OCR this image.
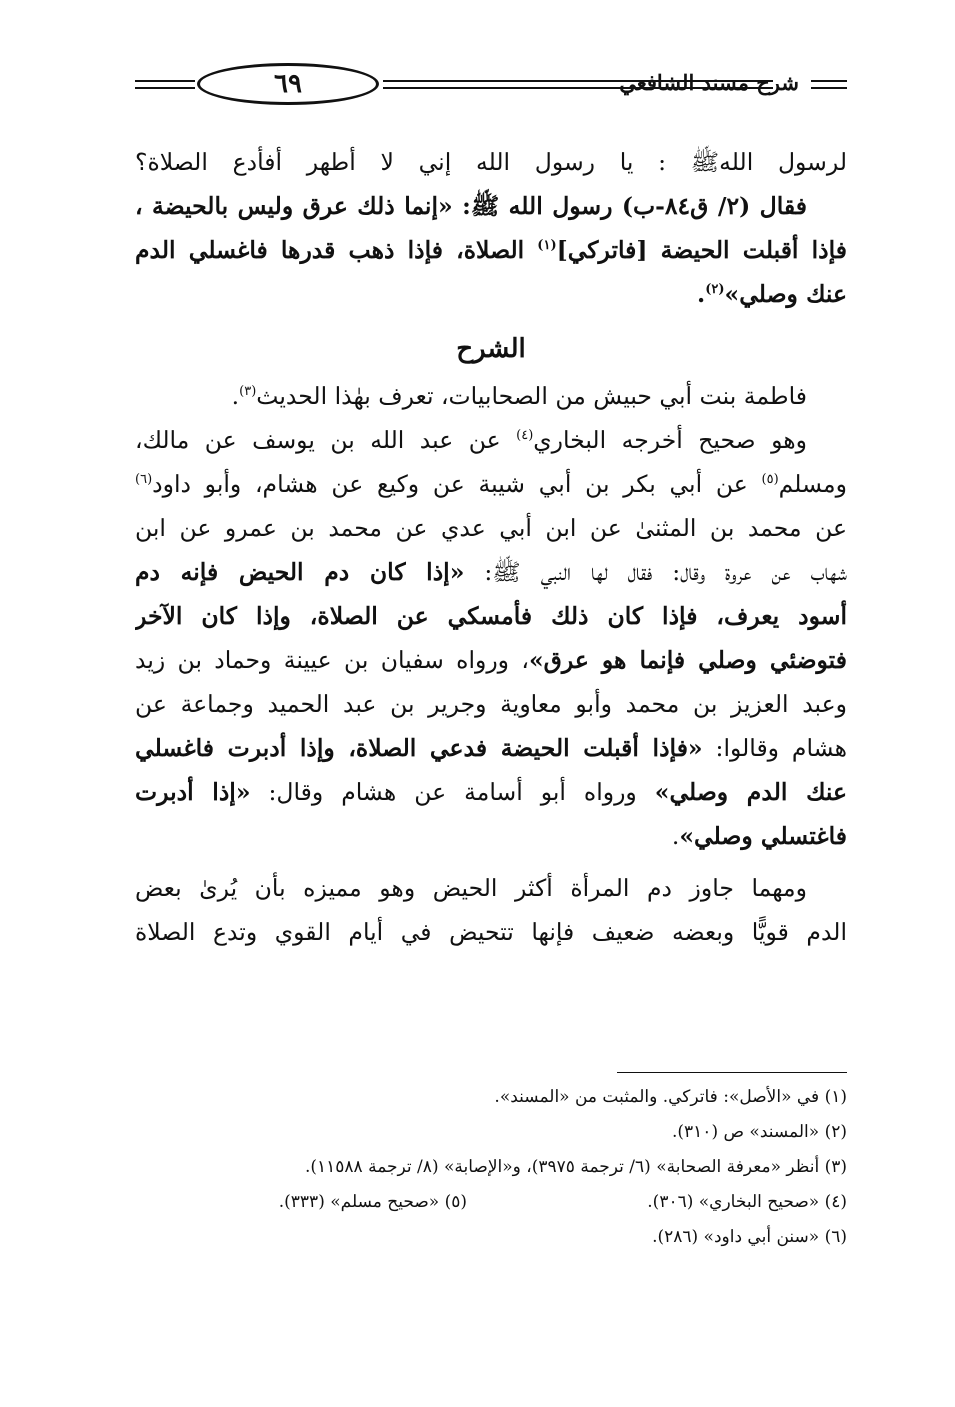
شرح مسند الشافعي
٦٩
لرسول اللهﷺ : يا رسول الله إني لا أطهر أفأدع الصلاة؟
فقال (٢/ ق٨٤-ب) رسول الله ﷺ: «إنما ذلك عرق وليس بالحيضة ،
فإذا أقبلت الحيضة [فاتركي]$^{(١)}$ الصلاة، فإذا ذهب قدرها فاغسلي الدم
عنك وصلي»$^{(٢)}$.
الشرح
فاطمة بنت أبي حبيش من الصحابيات، تعرف بهٰذا الحديث$^{(٣)}$.
وهو صحيح أخرجه البخاري$^{(٤)}$ عن عبد الله بن يوسف عن مالك،
ومسلم$^{(٥)}$ عن أبي بكر بن أبي شيبة عن وكيع عن هشام، وأبو داود$^{(٦)}$
عن محمد بن المثنىٰ عن ابن أبي عدي عن محمد بن عمرو عن ابن
شهاب عن عروة وقال: فقال لها النبي ﷺ: «إذا كان دم الحيض فإنه دم
أسود يعرف، فإذا كان ذلك فأمسكي عن الصلاة، وإذا كان الآخر
فتوضئي وصلي فإنما هو عرق»، ورواه سفيان بن عيينة وحماد بن زيد
وعبد العزيز بن محمد وأبو معاوية وجرير بن عبد الحميد وجماعة عن
هشام وقالوا: «فإذا أقبلت الحيضة فدعي الصلاة، وإذا أدبرت فاغسلي
عنك الدم وصلي» ورواه أبو أسامة عن هشام وقال: «إذا أدبرت
فاغتسلي وصلي».
ومهما جاوز دم المرأة أكثر الحيض وهو مميزه بأن يُرىٰ بعض
الدم قويًّا وبعضه ضعيف فإنها تتحيض في أيام القوي وتدع الصلاة
(١) في «الأصل»: فاتركي. والمثبت من «المسند».
(٢) «المسند» ص (٣١٠).
(٣) أنظر «معرفة الصحابة» (٦/ ترجمة ٣٩٧٥)، و«الإصابة» (٨/ ترجمة ١١٥٨٨).
(٤) «صحيح البخاري» (٣٠٦).
(٥) «صحيح مسلم» (٣٣٣).
(٦) «سنن أبي داود» (٢٨٦).
